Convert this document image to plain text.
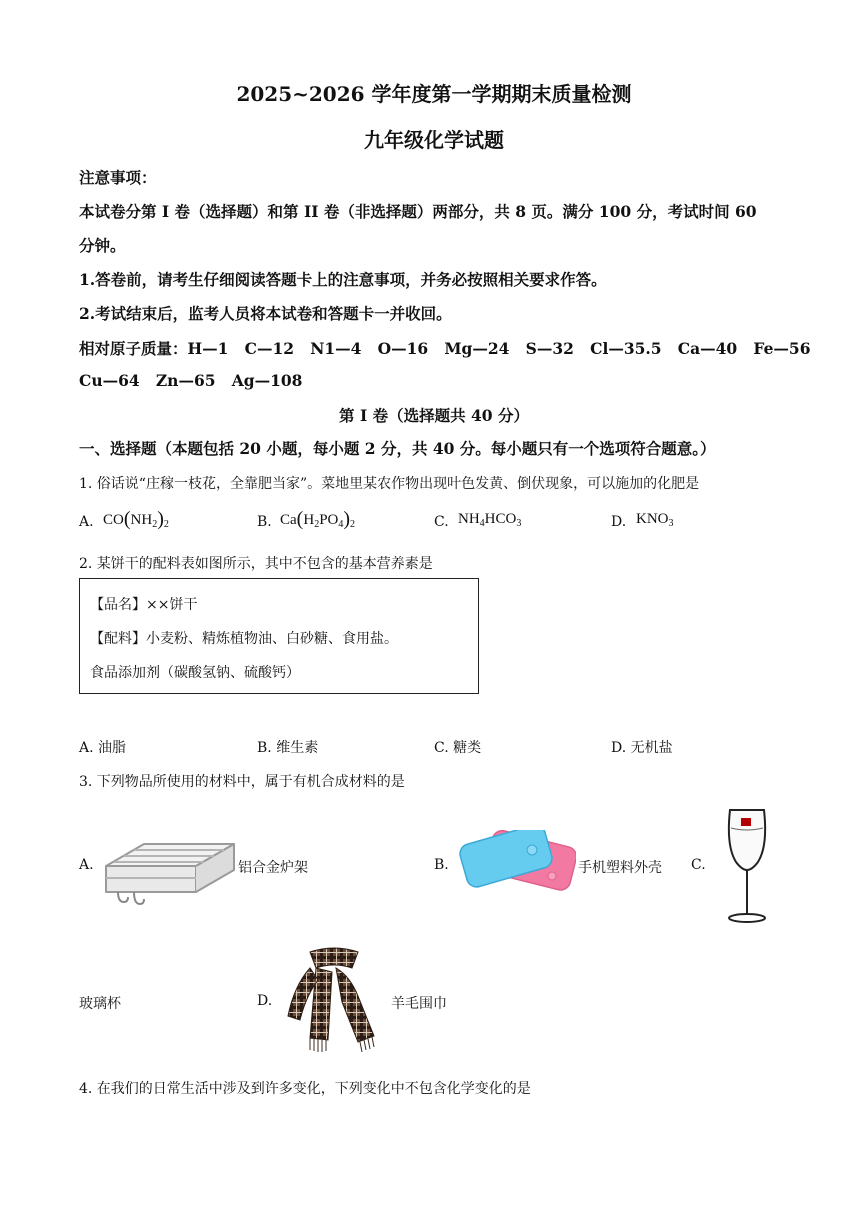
2025~2026 学年度第一学期期末质量检测
九年级化学试题
注意事项：
本试卷分第 I 卷（选择题）和第 II 卷（非选择题）两部分，共 8 页。满分 100 分，考试时间 60
分钟。
1.答卷前，请考生仔细阅读答题卡上的注意事项，并务必按照相关要求作答。
2.考试结束后，监考人员将本试卷和答题卡一并收回。
相对原子质量：H—1   C—12   N1—4   O—16   Mg—24   S—32   Cl—35.5   Ca—40   Fe—56
Cu—64   Zn—65   Ag—108
第 I 卷（选择题共 40 分）
一、选择题（本题包括 20 小题，每小题 2 分，共 40 分。每小题只有一个选项符合题意。）
1. 俗话说“庄稼一枝花，全靠肥当家”。菜地里某农作物出现叶色发黄、倒伏现象，可以施加的化肥是
A. $CO(NH_2)_2$	B. $Ca(H_2PO_4)_2$	C. $NH_4HCO_3$	D. $KNO_3$
2. 某饼干的配料表如图所示，其中不包含的基本营养素是
【品名】××饼干
【配料】小麦粉、精炼植物油、白砂糖、食用盐。
食品添加剂（碳酸氢钠、硫酸钙）
A. 油脂	B. 维生素	C. 糖类	D. 无机盐
3. 下列物品所使用的材料中，属于有机合成材料的是
A.	铝合金炉架	B.	手机塑料外壳 C.
玻璃杯	D.	羊毛围巾
4. 在我们的日常生活中涉及到许多变化，下列变化中不包含化学变化的是
